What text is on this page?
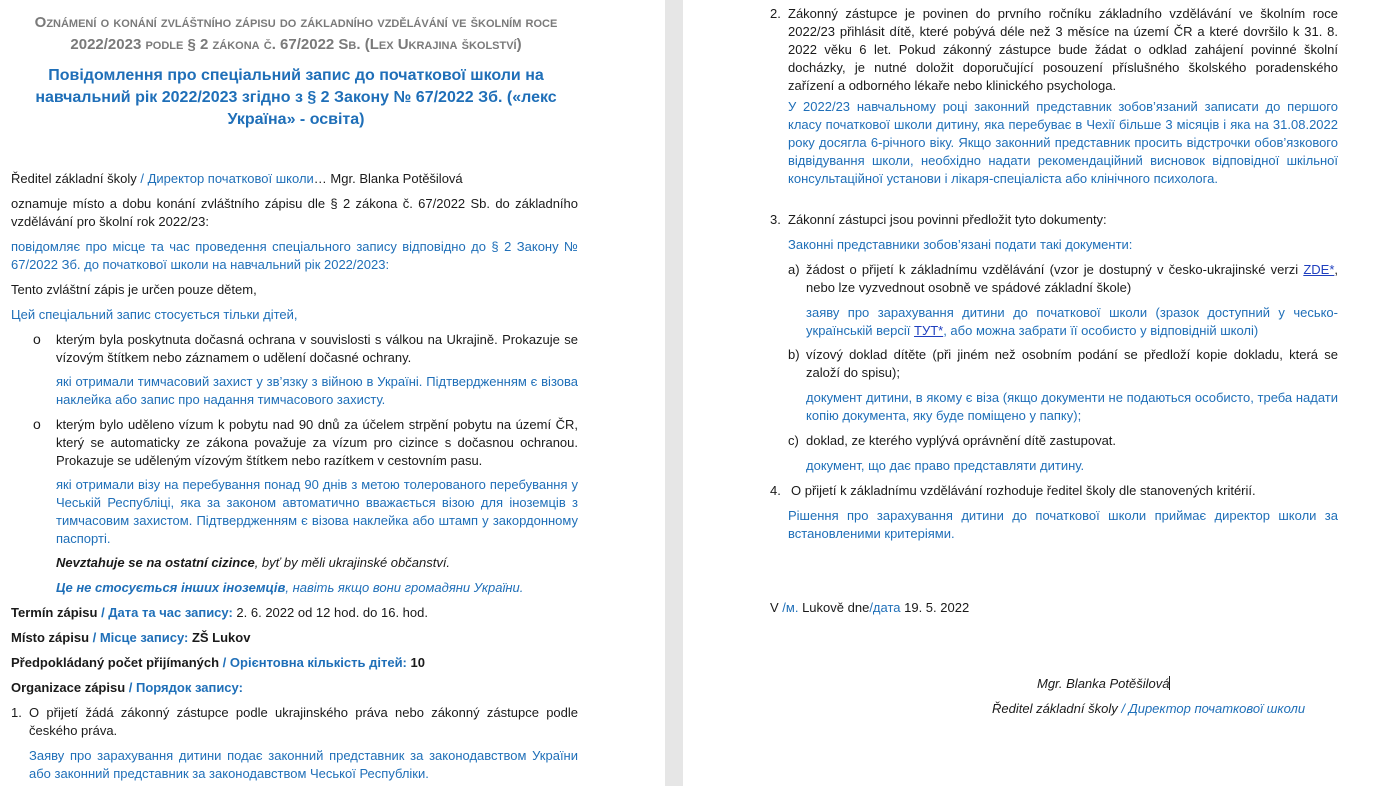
Oznámení o konání zvláštního zápisu do základního vzdělávání ve školním roce 2022/2023 podle § 2 zákona č. 67/2022 Sb. (Lex Ukrajina školství)
Повідомлення про спеціальний запис до початкової школи на навчальний рік 2022/2023 згідно з § 2 Закону № 67/2022 Зб. («лекс Україна» - освіта)

Ředitel základní školy / Директор початкової школи… Mgr. Blanka Potěšilová

oznamuje místo a dobu konání zvláštního zápisu dle § 2 zákona č. 67/2022 Sb. do základního vzdělávání pro školní rok 2022/23:

повідомляє про місце та час проведення спеціального запису відповідно до § 2 Закону № 67/2022 Зб. до початкової школи на навчальний рік 2022/2023:

Tento zvláštní zápis je určen pouze dětem,

Цей спеціальний запис стосується тільки дітей,

o kterým byla poskytnuta dočasná ochrana v souvislosti s válkou na Ukrajině. Prokazuje se vízovým štítkem nebo záznamem o udělení dočasné ochrany.

які отримали тимчасовий захист у зв’язку з війною в Україні. Підтвердженням є візова наклейка або запис про надання тимчасового захисту.

o kterým bylo uděleno vízum k pobytu nad 90 dnů za účelem strpění pobytu na území ČR, který se automaticky ze zákona považuje za vízum pro cizince s dočasnou ochranou. Prokazuje se uděleným vízovým štítkem nebo razítkem v cestovním pasu.

які отримали візу на перебування понад 90 днів з метою толерованого перебування у Чеській Республіці, яка за законом автоматично вважається візою для іноземців з тимчасовим захистом. Підтвердженням є візова наклейка або штамп у закордонному паспорті.

Nevztahuje se na ostatní cizince, byť by měli ukrajinské občanství.

Це не стосується інших іноземців, навіть якщо вони громадяни України.

Termín zápisu / Дата та час запису: 2. 6. 2022 od 12 hod. do 16. hod.

Místo zápisu / Місце запису: ZŠ Lukov

Předpokládaný počet přijímaných / Орієнтовна кількість дітей: 10

Organizace zápisu / Порядок запису:

1. O přijetí žádá zákonný zástupce podle ukrajinského práva nebo zákonný zástupce podle českého práva.

Заяву про зарахування дитини подає законний представник за законодавством України або законний представник за законодавством Чеської Республіки.

2. Zákonný zástupce je povinen do prvního ročníku základního vzdělávání ve školním roce 2022/23 přihlásit dítě, které pobývá déle než 3 měsíce na území ČR a které dovršilo k 31. 8. 2022 věku 6 let. Pokud zákonný zástupce bude žádat o odklad zahájení povinné školní docházky, je nutné doložit doporučující posouzení příslušného školského poradenského zařízení a odborného lékaře nebo klinického psychologa.

У 2022/23 навчальному році законний представник зобов’язаний записати до першого класу початкової школи дитину, яка перебуває в Чехії більше 3 місяців і яка на 31.08.2022 року досягла 6-річного віку. Якщо законний представник просить відстрочки обов’язкового відвідування школи, необхідно надати рекомендаційний висновок відповідної шкільної консультаційної установи і лікаря-спеціаліста або клінічного психолога.

3. Zákonní zástupci jsou povinni předložit tyto dokumenty:

Законні представники зобов’язані подати такі документи:

a) žádost o přijetí k základnímu vzdělávání (vzor je dostupný v česko-ukrajinské verzi ZDE*, nebo lze vyzvednout osobně ve spádové základní škole)

заяву про зарахування дитини до початкової школи (зразок доступний у чесько-українській версії ТУТ*, або можна забрати її особисто у відповідній школі)

b) vízový doklad dítěte (při jiném než osobním podání se předloží kopie dokladu, která se založí do spisu);

документ дитини, в якому є віза (якщо документи не подаються особисто, треба надати копію документа, яку буде поміщено у папку);

c) doklad, ze kterého vyplývá oprávnění dítě zastupovat.

документ, що дає право представляти дитину.

4. O přijetí k základnímu vzdělávání rozhoduje ředitel školy dle stanovených kritérií.

Рішення про зарахування дитини до початкової школи приймає директор школи за встановленими критеріями.

V /м. Lukově dne/дата 19. 5. 2022

Mgr. Blanka Potěšilová

Ředitel základní školy / Директор початкової школи
